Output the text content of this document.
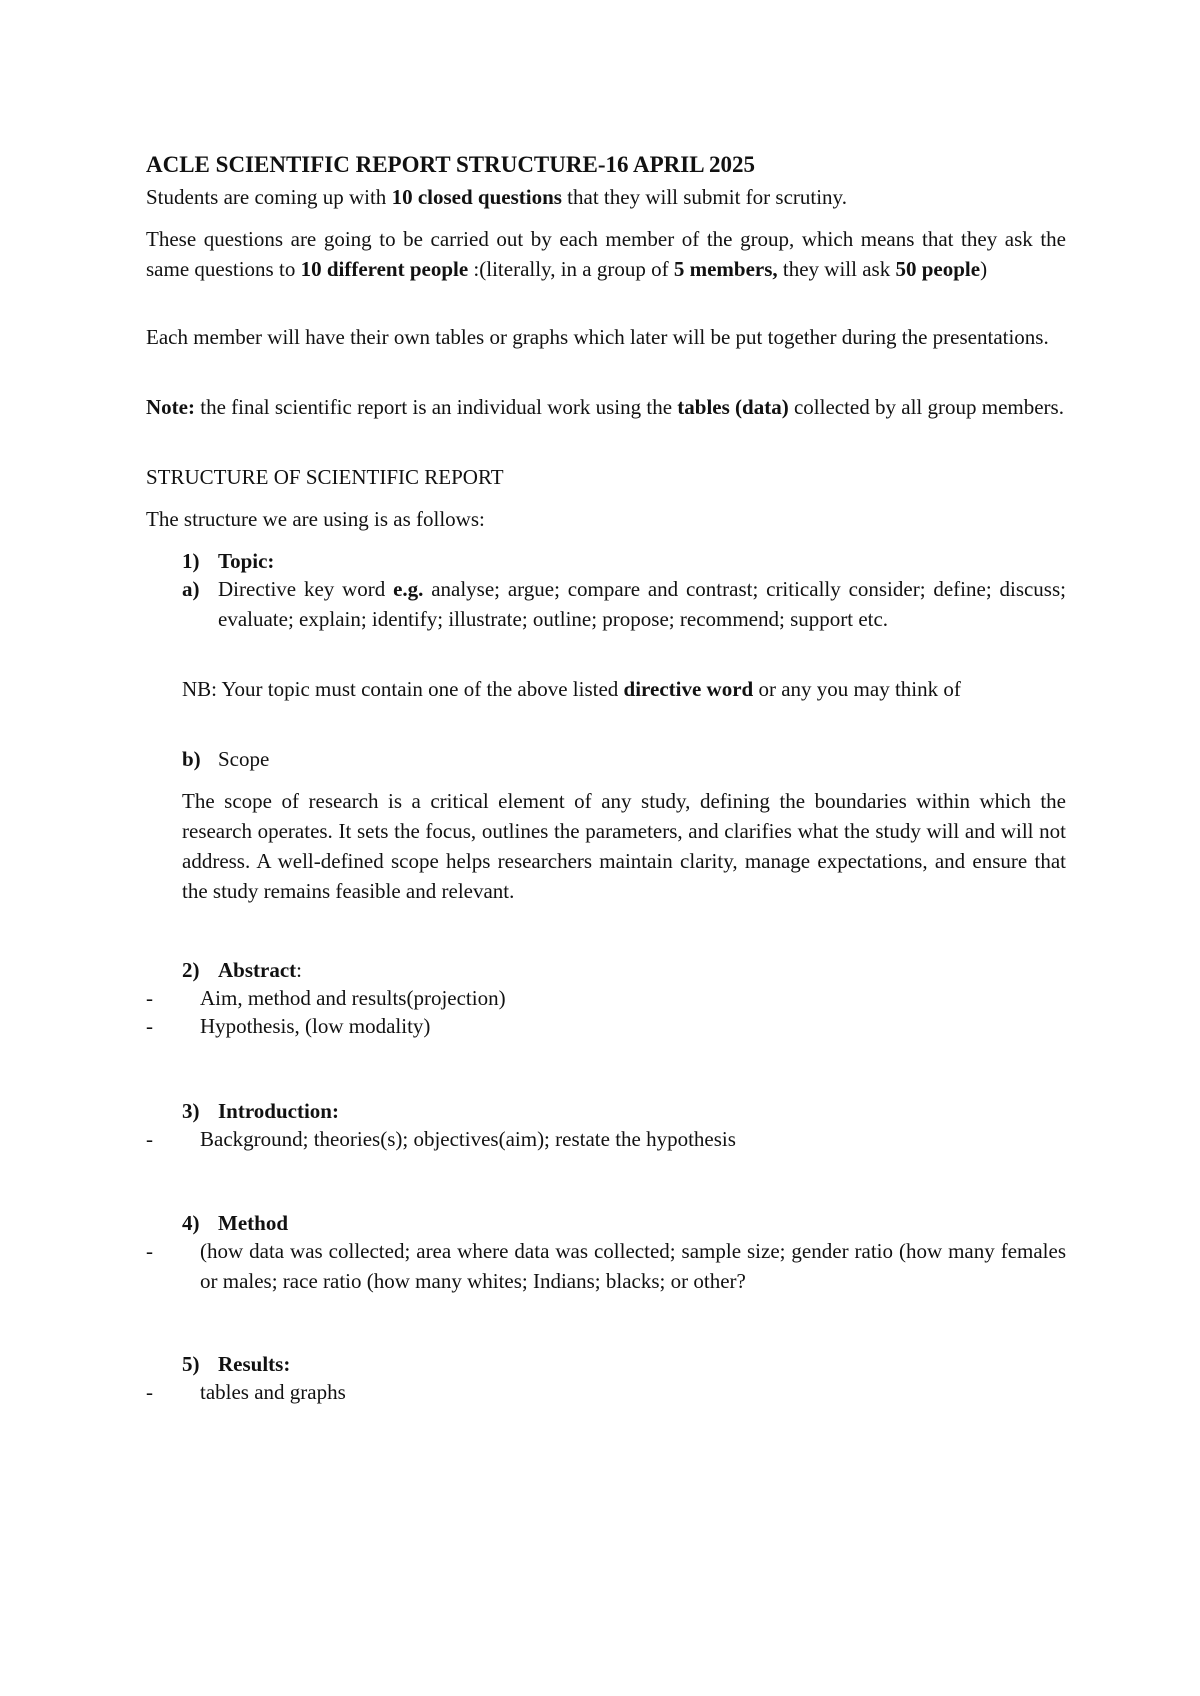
ACLE SCIENTIFIC REPORT STRUCTURE-16 APRIL 2025
Students are coming up with 10 closed questions that they will submit for scrutiny.
These questions are going to be carried out by each member of the group, which means that they ask the same questions to 10 different people :(literally, in a group of 5 members, they will ask 50 people)
Each member will have their own tables or graphs which later will be put together during the presentations.
Note: the final scientific report is an individual work using the tables (data) collected by all group members.
STRUCTURE OF SCIENTIFIC REPORT
The structure we are using is as follows:
1) Topic:
a) Directive key word e.g. analyse; argue; compare and contrast; critically consider; define; discuss; evaluate; explain; identify; illustrate; outline; propose; recommend; support etc.
NB: Your topic must contain one of the above listed directive word or any you may think of
b) Scope
The scope of research is a critical element of any study, defining the boundaries within which the research operates. It sets the focus, outlines the parameters, and clarifies what the study will and will not address. A well-defined scope helps researchers maintain clarity, manage expectations, and ensure that the study remains feasible and relevant.
2) Abstract:
-	Aim, method and results(projection)
-	Hypothesis, (low modality)
3) Introduction:
-	Background; theories(s); objectives(aim); restate the hypothesis
4) Method
-	(how data was collected; area where data was collected; sample size; gender ratio (how many females or males; race ratio (how many whites; Indians; blacks; or other?
5) Results:
-	tables and graphs
